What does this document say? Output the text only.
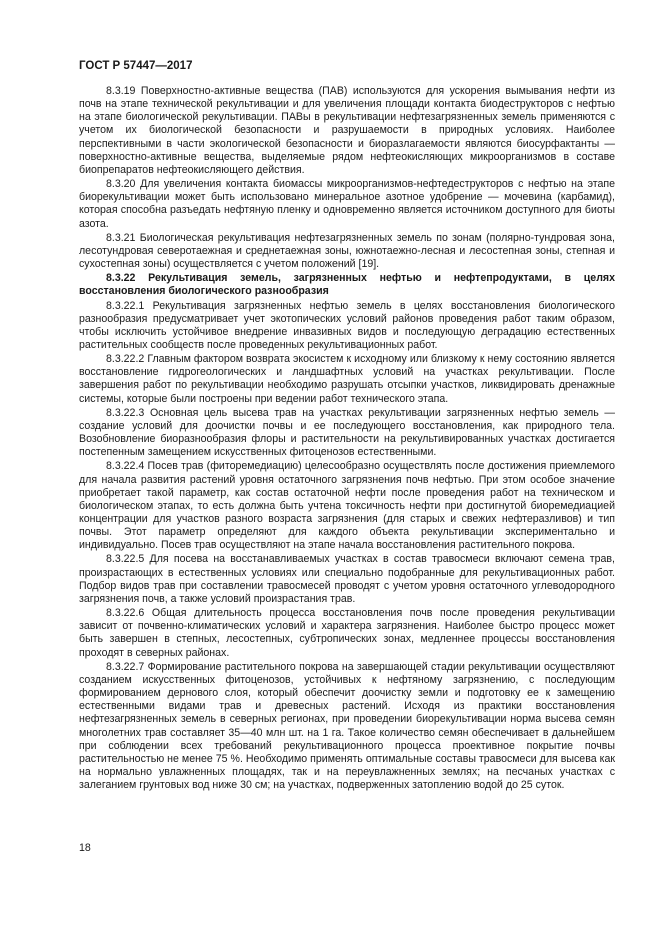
ГОСТ Р 57447—2017

8.3.19 Поверхностно-активные вещества (ПАВ) используются для ускорения вымывания нефти из почв на этапе технической рекультивации и для увеличения площади контакта биодеструкторов с нефтью на этапе биологической рекультивации. ПАВы в рекультивации нефтезагрязненных земель применяются с учетом их биологической безопасности и разрушаемости в природных условиях. Наиболее перспективными в части экологической безопасности и биоразлагаемости являются биосурфактанты — поверхностно-активные вещества, выделяемые рядом нефтеокисляющих микроорганизмов в составе биопрепаратов нефтеокисляющего действия.

8.3.20 Для увеличения контакта биомассы микроорганизмов-нефтедеструкторов с нефтью на этапе биорекультивации может быть использовано минеральное азотное удобрение — мочевина (карбамид), которая способна разъедать нефтяную пленку и одновременно является источником доступного для биоты азота.

8.3.21 Биологическая рекультивация нефтезагрязненных земель по зонам (полярно-тундровая зона, лесотундровая северотаежная и среднетаежная зоны, южнотаежно-лесная и лесостепная зоны, степная и сухостепная зоны) осуществляется с учетом положений [19].

8.3.22 Рекультивация земель, загрязненных нефтью и нефтепродуктами, в целях восстановления биологического разнообразия

8.3.22.1 Рекультивация загрязненных нефтью земель в целях восстановления биологического разнообразия предусматривает учет экотопических условий районов проведения работ таким образом, чтобы исключить устойчивое внедрение инвазивных видов и последующую деградацию естественных растительных сообществ после проведенных рекультивационных работ.

8.3.22.2 Главным фактором возврата экосистем к исходному или близкому к нему состоянию является восстановление гидрогеологических и ландшафтных условий на участках рекультивации. После завершения работ по рекультивации необходимо разрушать отсыпки участков, ликвидировать дренажные системы, которые были построены при ведении работ технического этапа.

8.3.22.3 Основная цель высева трав на участках рекультивации загрязненных нефтью земель — создание условий для доочистки почвы и ее последующего восстановления, как природного тела. Возобновление биоразнообразия флоры и растительности на рекультивированных участках достигается постепенным замещением искусственных фитоценозов естественными.

8.3.22.4 Посев трав (фиторемедиацию) целесообразно осуществлять после достижения приемлемого для начала развития растений уровня остаточного загрязнения почв нефтью. При этом особое значение приобретает такой параметр, как состав остаточной нефти после проведения работ на техническом и биологическом этапах, то есть должна быть учтена токсичность нефти при достигнутой биоремедиацией концентрации для участков разного возраста загрязнения (для старых и свежих нефтеразливов) и тип почвы. Этот параметр определяют для каждого объекта рекультивации экспериментально и индивидуально. Посев трав осуществляют на этапе начала восстановления растительного покрова.

8.3.22.5 Для посева на восстанавливаемых участках в состав травосмеси включают семена трав, произрастающих в естественных условиях или специально подобранные для рекультивационных работ. Подбор видов трав при составлении травосмесей проводят с учетом уровня остаточного углеводородного загрязнения почв, а также условий произрастания трав.

8.3.22.6 Общая длительность процесса восстановления почв после проведения рекультивации зависит от почвенно-климатических условий и характера загрязнения. Наиболее быстро процесс может быть завершен в степных, лесостепных, субтропических зонах, медленнее процессы восстановления проходят в северных районах.

8.3.22.7 Формирование растительного покрова на завершающей стадии рекультивации осуществляют созданием искусственных фитоценозов, устойчивых к нефтяному загрязнению, с последующим формированием дернового слоя, который обеспечит доочистку земли и подготовку ее к замещению естественными видами трав и древесных растений. Исходя из практики восстановления нефтезагрязненных земель в северных регионах, при проведении биорекультивации норма высева семян многолетних трав составляет 35—40 млн шт. на 1 га. Такое количество семян обеспечивает в дальнейшем при соблюдении всех требований рекультивационного процесса проективное покрытие почвы растительностью не менее 75 %. Необходимо применять оптимальные составы травосмеси для высева как на нормально увлажненных площадях, так и на переувлажненных землях; на песчаных участках с залеганием грунтовых вод ниже 30 см; на участках, подверженных затоплению водой до 25 суток.

18
